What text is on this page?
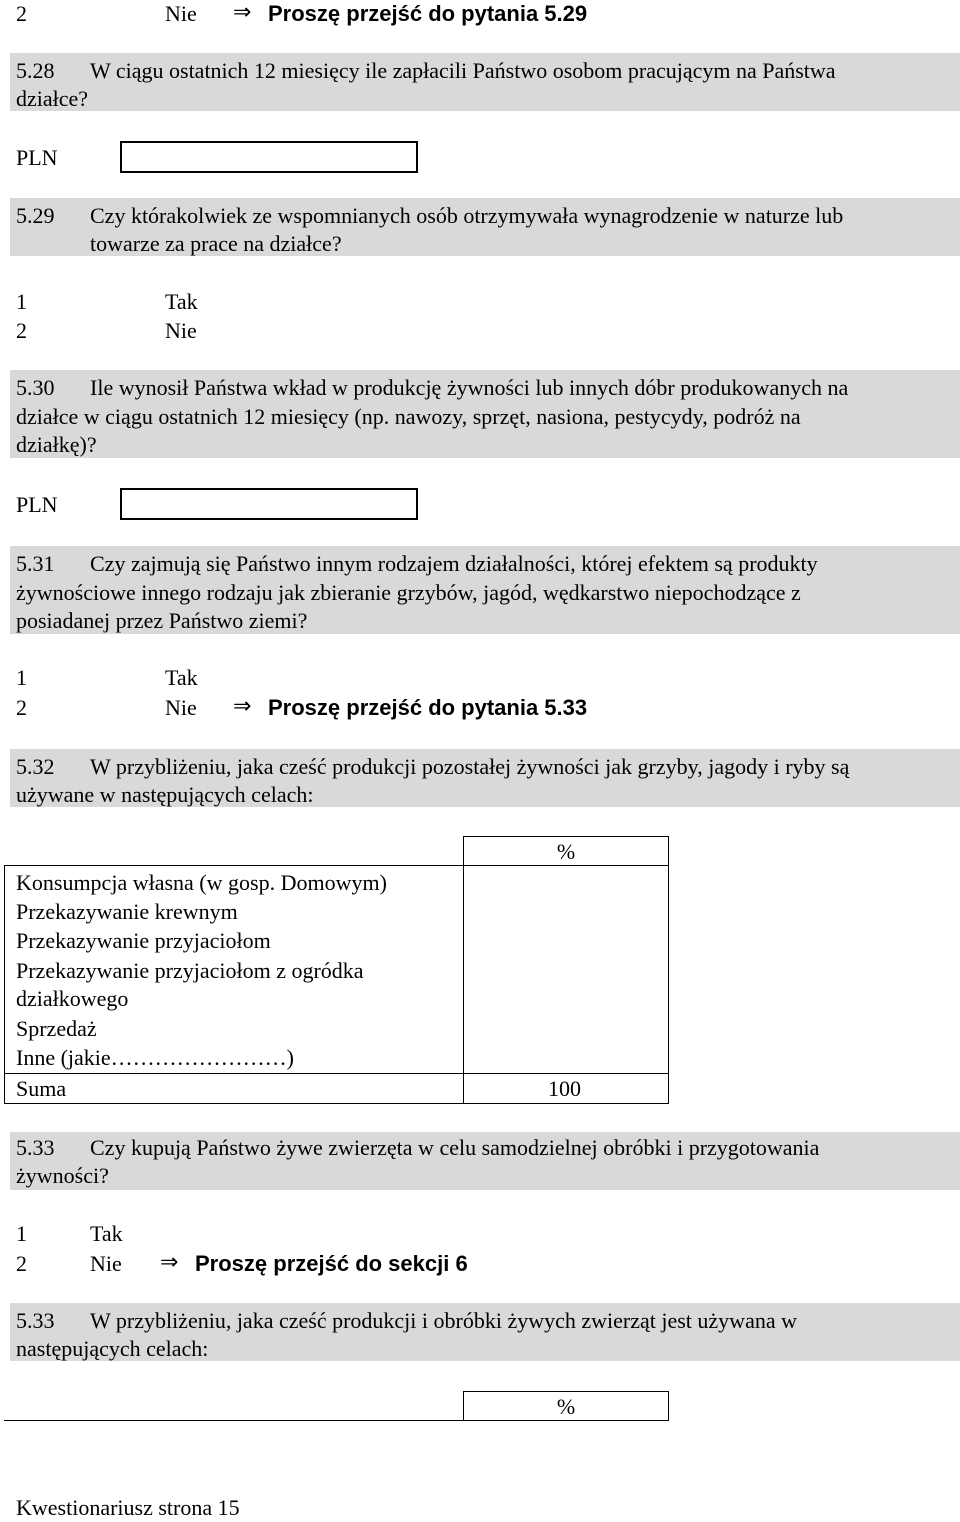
2	Nie ⇒ Proszę przejść do pytania 5.29
5.28 W ciągu ostatnich 12 miesięcy ile zapłacili Państwo osobom pracującym na Państwa
działce?
PLN
5.29 Czy którakolwiek ze wspomnianych osób otrzymywała wynagrodzenie w naturze lub
towarze za prace na działce?
1	Tak
2	Nie
5.30 Ile wynosił Państwa wkład w produkcję żywności lub innych dóbr produkowanych na
działce w ciągu ostatnich 12 miesięcy (np. nawozy, sprzęt, nasiona, pestycydy, podróż na
działkę)?
PLN
5.31 Czy zajmują się Państwo innym rodzajem działalności, której efektem są produkty
żywnościowe innego rodzaju jak zbieranie grzybów, jagód, wędkarstwo niepochodzące z
posiadanej przez Państwo ziemi?
1	Tak
2	Nie ⇒ Proszę przejść do pytania 5.33
5.32 W przybliżeniu, jaka cześć produkcji pozostałej żywności jak grzyby, jagody i ryby są
używane w następujących celach:
%
Konsumpcja własna (w gosp. Domowym)
Przekazywanie krewnym
Przekazywanie przyjaciołom
Przekazywanie przyjaciołom z ogródka
działkowego
Sprzedaż
Inne (jakie……………………)
Suma	100
5.33 Czy kupują Państwo żywe zwierzęta w celu samodzielnej obróbki i przygotowania
żywności?
1	Tak
2	Nie ⇒ Proszę przejść do sekcji 6
5.33 W przybliżeniu, jaka cześć produkcji i obróbki żywych zwierząt jest używana w
następujących celach:
%
Kwestionariusz strona 15
